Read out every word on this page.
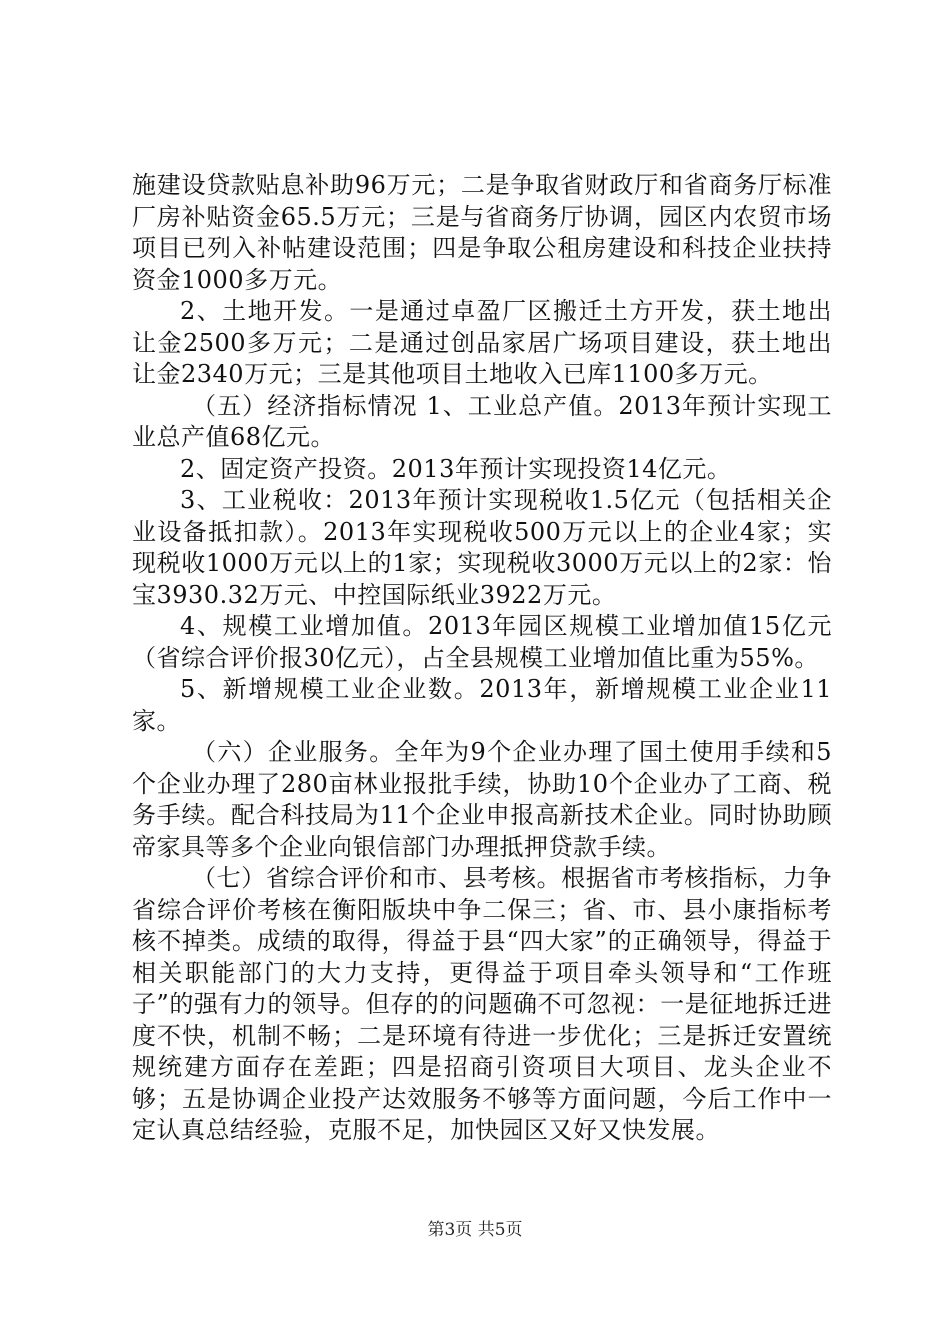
施建设贷款贴息补助96万元；二是争取省财政厅和省商务厅标准厂房补贴资金65.5万元；三是与省商务厅协调，园区内农贸市场项目已列入补帖建设范围；四是争取公租房建设和科技企业扶持资金1000多万元。

2、土地开发。一是通过卓盈厂区搬迁土方开发，获土地出让金2500多万元；二是通过创品家居广场项目建设，获土地出让金2340万元；三是其他项目土地收入已库1100多万元。

（五）经济指标情况 1、工业总产值。2013年预计实现工业总产值68亿元。

2、固定资产投资。2013年预计实现投资14亿元。

3、工业税收：2013年预计实现税收1.5亿元（包括相关企业设备抵扣款）。2013年实现税收500万元以上的企业4家；实现税收1000万元以上的1家；实现税收3000万元以上的2家：怡宝3930.32万元、中控国际纸业3922万元。

4、规模工业增加值。2013年园区规模工业增加值15亿元（省综合评价报30亿元），占全县规模工业增加值比重为55%。

5、新增规模工业企业数。2013年，新增规模工业企业11家。

（六）企业服务。全年为9个企业办理了国土使用手续和5个企业办理了280亩林业报批手续，协助10个企业办了工商、税务手续。配合科技局为11个企业申报高新技术企业。同时协助顾帝家具等多个企业向银信部门办理抵押贷款手续。

（七）省综合评价和市、县考核。根据省市考核指标，力争省综合评价考核在衡阳版块中争二保三；省、市、县小康指标考核不掉类。成绩的取得，得益于县“四大家”的正确领导，得益于相关职能部门的大力支持，更得益于项目牵头领导和“工作班子”的强有力的领导。但存的的问题确不可忽视：一是征地拆迁进度不快，机制不畅；二是环境有待进一步优化；三是拆迁安置统规统建方面存在差距；四是招商引资项目大项目、龙头企业不够；五是协调企业投产达效服务不够等方面问题，今后工作中一定认真总结经验，克服不足，加快园区又好又快发展。

第3页 共5页
